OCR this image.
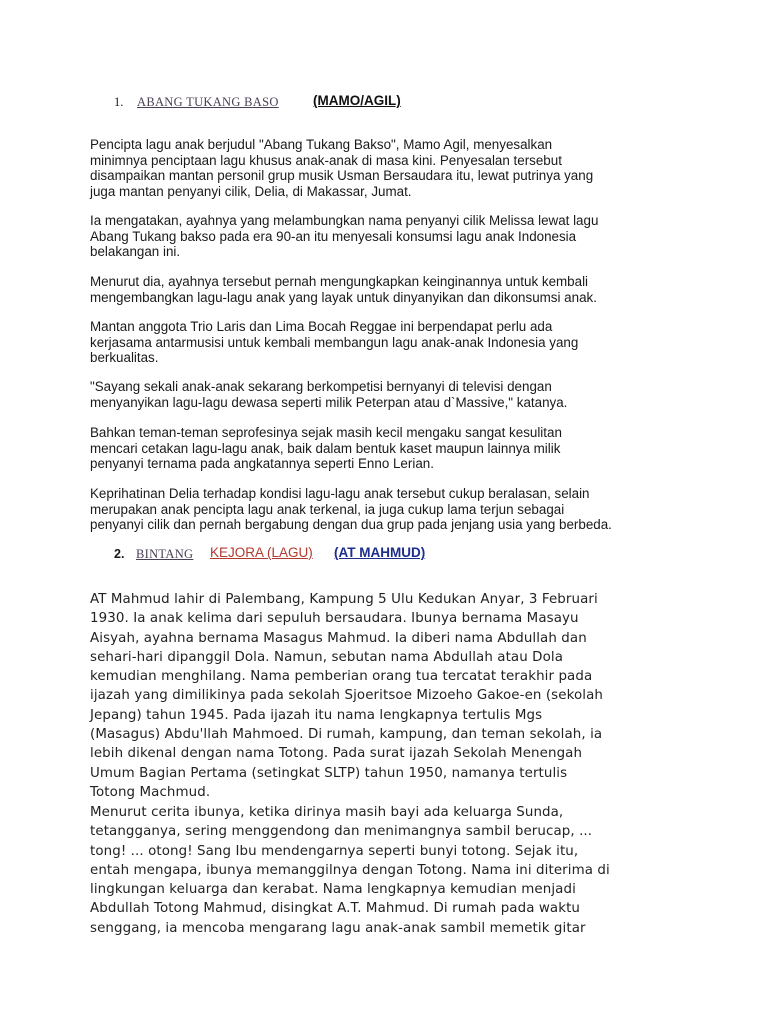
1. ABANG TUKANG BASO	(MAMO/AGIL)

Pencipta lagu anak berjudul "Abang Tukang Bakso", Mamo Agil, menyesalkan
minimnya penciptaan lagu khusus anak-anak di masa kini. Penyesalan tersebut
disampaikan mantan personil grup musik Usman Bersaudara itu, lewat putrinya yang
juga mantan penyanyi cilik, Delia, di Makassar, Jumat.

Ia mengatakan, ayahnya yang melambungkan nama penyanyi cilik Melissa lewat lagu
Abang Tukang bakso pada era 90-an itu menyesali konsumsi lagu anak Indonesia
belakangan ini.

Menurut dia, ayahnya tersebut pernah mengungkapkan keinginannya untuk kembali
mengembangkan lagu-lagu anak yang layak untuk dinyanyikan dan dikonsumsi anak.

Mantan anggota Trio Laris dan Lima Bocah Reggae ini berpendapat perlu ada
kerjasama antarmusisi untuk kembali membangun lagu anak-anak Indonesia yang
berkualitas.

"Sayang sekali anak-anak sekarang berkompetisi bernyanyi di televisi dengan
menyanyikan lagu-lagu dewasa seperti milik Peterpan atau d`Massive," katanya.

Bahkan teman-teman seprofesinya sejak masih kecil mengaku sangat kesulitan
mencari cetakan lagu-lagu anak, baik dalam bentuk kaset maupun lainnya milik
penyanyi ternama pada angkatannya seperti Enno Lerian.

Keprihatinan Delia terhadap kondisi lagu-lagu anak tersebut cukup beralasan, selain
merupakan anak pencipta lagu anak terkenal, ia juga cukup lama terjun sebagai
penyanyi cilik dan pernah bergabung dengan dua grup pada jenjang usia yang berbeda.

2. BINTANG KEJORA (LAGU) (AT MAHMUD)

AT Mahmud lahir di Palembang, Kampung 5 Ulu Kedukan Anyar, 3 Februari
1930. Ia anak kelima dari sepuluh bersaudara. Ibunya bernama Masayu
Aisyah, ayahna bernama Masagus Mahmud. Ia diberi nama Abdullah dan
sehari-hari dipanggil Dola. Namun, sebutan nama Abdullah atau Dola
kemudian menghilang. Nama pemberian orang tua tercatat terakhir pada
ijazah yang dimilikinya pada sekolah Sjoeritsoe Mizoeho Gakoe-en (sekolah
Jepang) tahun 1945. Pada ijazah itu nama lengkapnya tertulis Mgs
(Masagus) Abdu'llah Mahmoed. Di rumah, kampung, dan teman sekolah, ia
lebih dikenal dengan nama Totong. Pada surat ijazah Sekolah Menengah
Umum Bagian Pertama (setingkat SLTP) tahun 1950, namanya tertulis
Totong Machmud.

Menurut cerita ibunya, ketika dirinya masih bayi ada keluarga Sunda,
tetangganya, sering menggendong dan menimangnya sambil berucap, ...
tong! ... otong! Sang Ibu mendengarnya seperti bunyi totong. Sejak itu,
entah mengapa, ibunya memanggilnya dengan Totong. Nama ini diterima di
lingkungan keluarga dan kerabat. Nama lengkapnya kemudian menjadi
Abdullah Totong Mahmud, disingkat A.T. Mahmud. Di rumah pada waktu
senggang, ia mencoba mengarang lagu anak-anak sambil memetik gitar
